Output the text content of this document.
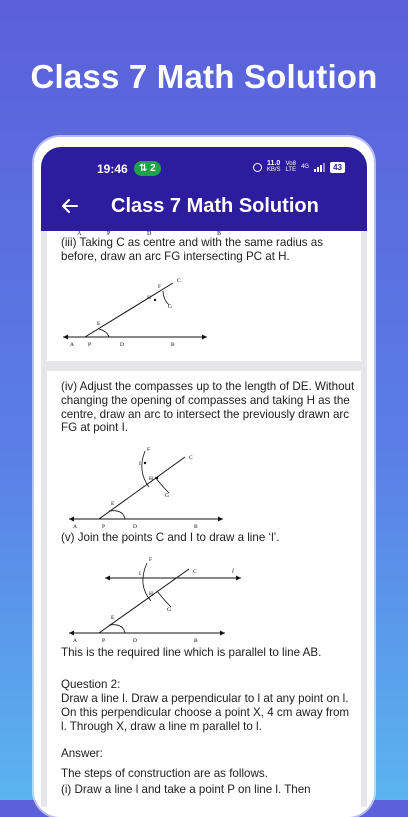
Class 7 Math Solution
19:46	⇅ 2	11.0
KB/S
Vo8
LTE 4G	43
Class 7 Math Solution
A	P	D	B
(iii) Taking C as centre and with the same radius as before, draw an arc FG intersecting PC at H.
A	P	D	B
E
H
G
F
C
(iv) Adjust the compasses up to the length of DE. Without changing the opening of compasses and taking H as the centre, draw an arc to intersect the previously drawn arc FG at point I.
A	P	D	B
E
H
G
F
I
C
(v) Join the points C and I to draw a line ‘l’.
A	P	D	B
E
H
G
F
I	C	l
This is the required line which is parallel to line AB.
Question 2:
Draw a line l. Draw a perpendicular to l at any point on l. On this perpendicular choose a point X, 4 cm away from l. Through X, draw a line m parallel to l.
Answer:
The steps of construction are as follows.
(i) Draw a line l and take a point P on line l. Then
